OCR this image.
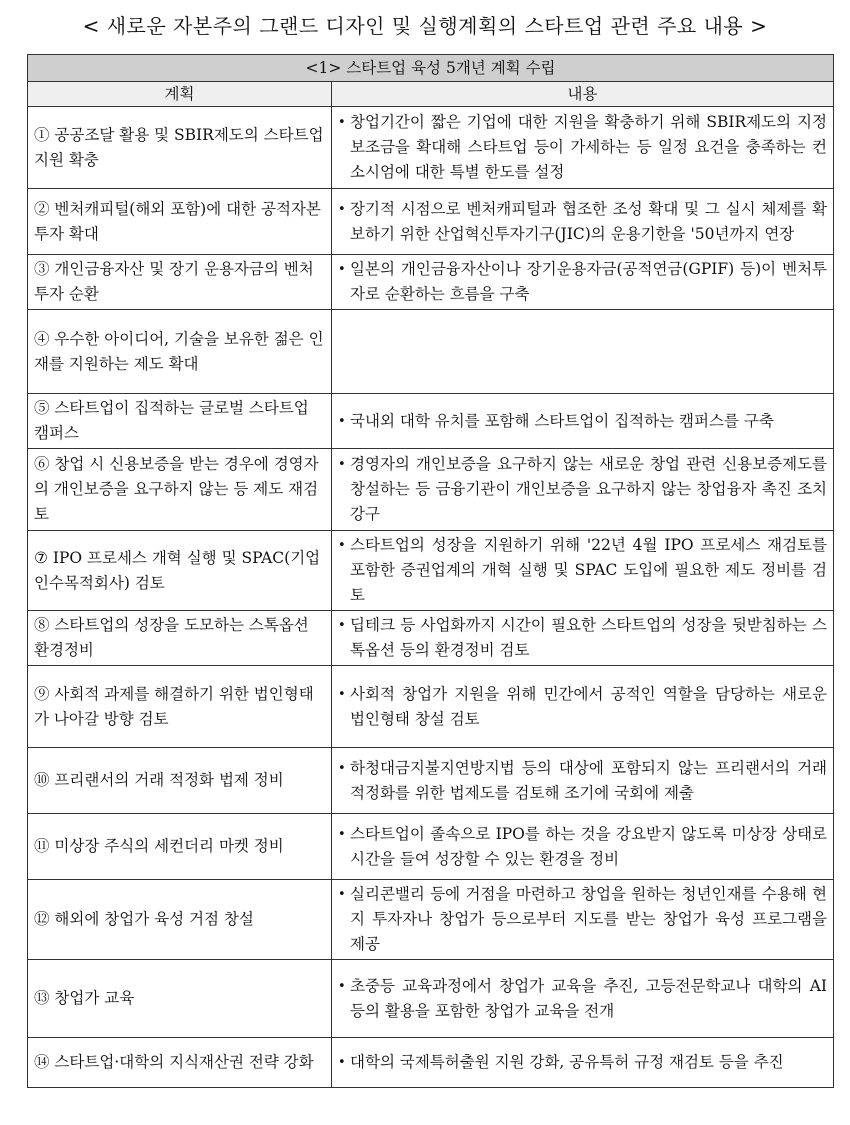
< 새로운 자본주의 그랜드 디자인 및 실행계획의 스타트업 관련 주요 내용 >
<1> 스타트업 육성 5개년 계획 수립	
계획	내용
① 공공조달 활용 및 SBIR제도의 스타트업 지원 확충	• 창업기간이 짧은 기업에 대한 지원을 확충하기 위해 SBIR제도의 지정 보조금을 확대해 스타트업 등이 가세하는 등 일정 요건을 충족하는 컨소시엄에 대한 특별 한도를 설정

② 벤처캐피털(해외 포함)에 대한 공적자본 투자 확대	• 장기적 시점으로 벤처캐피털과 협조한 조성 확대 및 그 실시 체제를 확보하기 위한 산업혁신투자기구(JIC)의 운용기한을 '50년까지 연장

③ 개인금융자산 및 장기 운용자금의 벤처투자 순환	• 일본의 개인금융자산이나 장기운용자금(공적연금(GPIF) 등)이 벤처투자로 순환하는 흐름을 구축

④ 우수한 아이디어, 기술을 보유한 젊은 인재를 지원하는 제도 확대	
⑤ 스타트업이 집적하는 글로벌 스타트업 캠퍼스	• 국내외 대학 유치를 포함해 스타트업이 집적하는 캠퍼스를 구축

⑥ 창업 시 신용보증을 받는 경우에 경영자의 개인보증을 요구하지 않는 등 제도 재검토	• 경영자의 개인보증을 요구하지 않는 새로운 창업 관련 신용보증제도를 창설하는 등 금융기관이 개인보증을 요구하지 않는 창업융자 촉진 조치 강구

⑦ IPO 프로세스 개혁 실행 및 SPAC(기업인수목적회사) 검토	• 스타트업의 성장을 지원하기 위해 '22년 4월 IPO 프로세스 재검토를 포함한 증권업계의 개혁 실행 및 SPAC 도입에 필요한 제도 정비를 검토

⑧ 스타트업의 성장을 도모하는 스톡옵션 환경정비	• 딥테크 등 사업화까지 시간이 필요한 스타트업의 성장을 뒷받침하는 스톡옵션 등의 환경정비 검토

⑨ 사회적 과제를 해결하기 위한 법인형태가 나아갈 방향 검토	• 사회적 창업가 지원을 위해 민간에서 공적인 역할을 담당하는 새로운 법인형태 창설 검토

⑩ 프리랜서의 거래 적정화 법제 정비	• 하청대금지불지연방지법 등의 대상에 포함되지 않는 프리랜서의 거래 적정화를 위한 법제도를 검토해 조기에 국회에 제출

⑪ 미상장 주식의 세컨더리 마켓 정비	• 스타트업이 졸속으로 IPO를 하는 것을 강요받지 않도록 미상장 상태로 시간을 들여 성장할 수 있는 환경을 정비

⑫ 해외에 창업가 육성 거점 창설	• 실리콘밸리 등에 거점을 마련하고 창업을 원하는 청년인재를 수용해 현지 투자자나 창업가 등으로부터 지도를 받는 창업가 육성 프로그램을 제공

⑬ 창업가 교육	• 초중등 교육과정에서 창업가 교육을 추진, 고등전문학교나 대학의 AI 등의 활용을 포함한 창업가 교육을 전개

⑭ 스타트업·대학의 지식재산권 전략 강화	• 대학의 국제특허출원 지원 강화, 공유특허 규정 재검토 등을 추진
